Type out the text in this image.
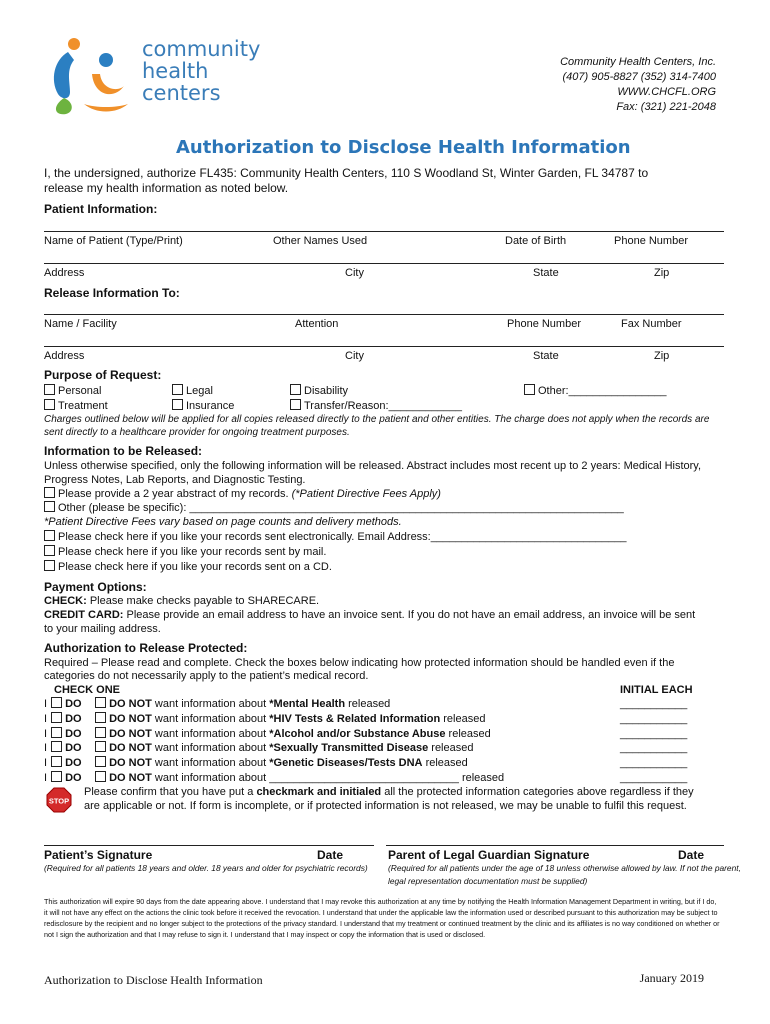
community
health
centers
Community Health Centers, Inc.
(407) 905-8827 (352) 314-7400
WWW.CHCFL.ORG
Fax: (321) 221-2048
Authorization to Disclose Health Information
I, the undersigned, authorize FL435: Community Health Centers, 110 S Woodland St, Winter Garden, FL 34787 to
release my health information as noted below.
Patient Information:
Name of Patient (Type/Print)	Other Names Used	Date of Birth	Phone Number
Address	City	State	Zip
Release Information To:
Name / Facility	Attention	Phone Number	Fax Number
Address	City	State	Zip
Purpose of Request:
Personal
Treatment
Legal
Insurance
Disability
Transfer/Reason:____________
Other:________________
Charges outlined below will be applied for all copies released directly to the patient and other entities. The charge does not apply when the records are
sent directly to a healthcare provider for ongoing treatment purposes.
Information to be Released:
Unless otherwise specified, only the following information will be released. Abstract includes most recent up to 2 years: Medical History,
Progress Notes, Lab Reports, and Diagnostic Testing.
Please provide a 2 year abstract of my records. (*Patient Directive Fees Apply)
Other (please be specific): _______________________________________________________________________
*Patient Directive Fees vary based on page counts and delivery methods.
Please check here if you like your records sent electronically. Email Address:________________________________
Please check here if you like your records sent by mail.
Please check here if you like your records sent on a CD.
Payment Options:
CHECK: Please make checks payable to SHARECARE.
CREDIT CARD: Please provide an email address to have an invoice sent. If you do not have an email address, an invoice will be sent
to your mailing address.
Authorization to Release Protected:
Required – Please read and complete. Check the boxes below indicating how protected information should be handled even if the
categories do not necessarily apply to the patient’s medical record.
CHECK ONE	INITIAL EACH
I DO	DO NOT want information about *Mental Health released	___________
I DO	DO NOT want information about *HIV Tests & Related Information released	___________
I DO	DO NOT want information about *Alcohol and/or Substance Abuse released	___________
I DO	DO NOT want information about *Sexually Transmitted Disease released	___________
I DO	DO NOT want information about *Genetic Diseases/Tests DNA released	___________
I DO	DO NOT want information about _______________________________ released	___________
STOP
Please confirm that you have put a checkmark and initialed all the protected information categories above regardless if they
are applicable or not. If form is incomplete, or if protected information is not released, we may be unable to fulfil this request.
Patient’s Signature	Date	Parent of Legal Guardian Signature	Date
(Required for all patients 18 years and older. 18 years and older for psychiatric records) (Required for all patients under the age of 18 unless otherwise allowed by law. If not the parent,
legal representation documentation must be supplied)
This authorization will expire 90 days from the date appearing above. I understand that I may revoke this authorization at any time by notifying the Health Information Management Department in writing, but if I do,
it will not have any effect on the actions the clinic took before it received the revocation. I understand that under the applicable law the information used or described pursuant to this authorization may be subject to
redisclosure by the recipient and no longer subject to the protections of the privacy standard. I understand that my treatment or continued treatment by the clinic and its affiliates is no way conditioned on whether or
not I sign the authorization and that I may refuse to sign it. I understand that I may inspect or copy the information that is used or disclosed.
Authorization to Disclose Health Information	January 2019
